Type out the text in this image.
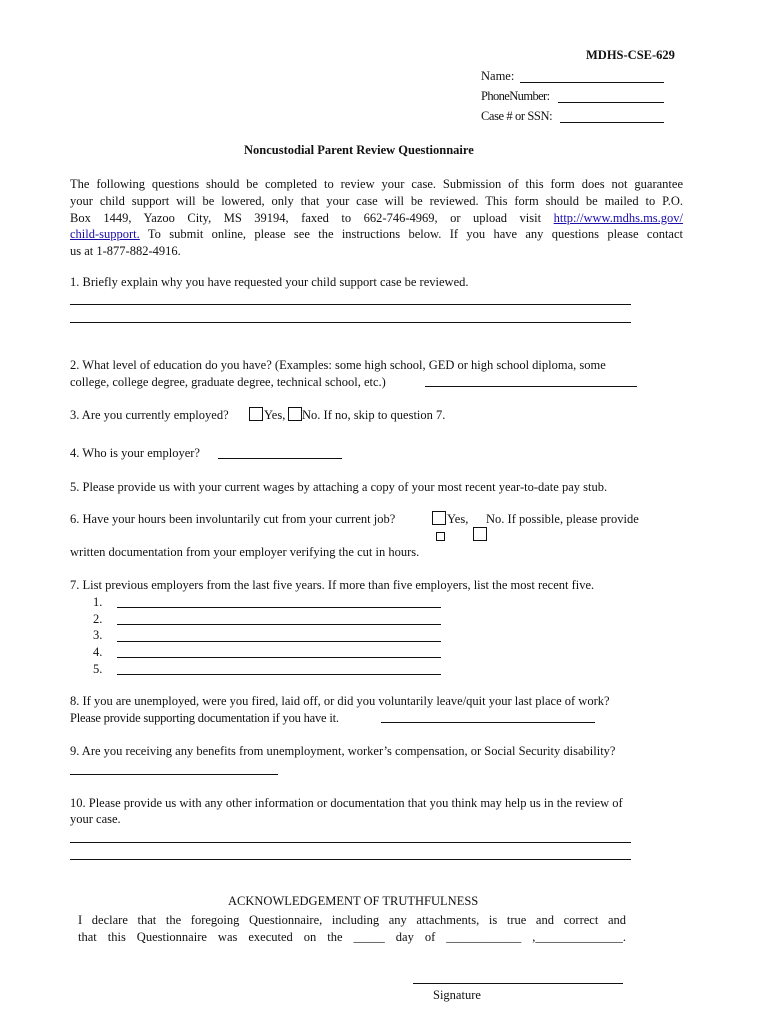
MDHS-CSE-629
Name:
PhoneNumber:
Case # or SSN:
Noncustodial Parent Review Questionnaire
The following questions should be completed to review your case. Submission of this form does not guarantee
your child support will be lowered, only that your case will be reviewed. This form should be mailed to P.O.
Box 1449, Yazoo City, MS 39194, faxed to 662-746-4969, or upload visit http://www.mdhs.ms.gov/
child-support. To submit online, please see the instructions below. If you have any questions please contact
us at 1-877-882-4916.
1. Briefly explain why you have requested your child support case be reviewed.
2. What level of education do you have? (Examples: some high school, GED or high school diploma, some
college, college degree, graduate degree, technical school, etc.)
3. Are you currently employed?	Yes, No. If no, skip to question 7.
4. Who is your employer?
5. Please provide us with your current wages by attaching a copy of your most recent year-to-date pay stub.
6. Have your hours been involuntarily cut from your current job?	Yes, No. If possible, please provide
written documentation from your employer verifying the cut in hours.
7. List previous employers from the last five years. If more than five employers, list the most recent five.
1.
2.
3.
4.
5.
8. If you are unemployed, were you fired, laid off, or did you voluntarily leave/quit your last place of work?
Please provide supporting documentation if you have it.
9. Are you receiving any benefits from unemployment, worker’s compensation, or Social Security disability?
10. Please provide us with any other information or documentation that you think may help us in the review of
your case.
ACKNOWLEDGEMENT OF TRUTHFULNESS
I declare that the foregoing Questionnaire, including any attachments, is true and correct and
that this Questionnaire was executed on the _____ day of ____________ ,______________.
Signature
